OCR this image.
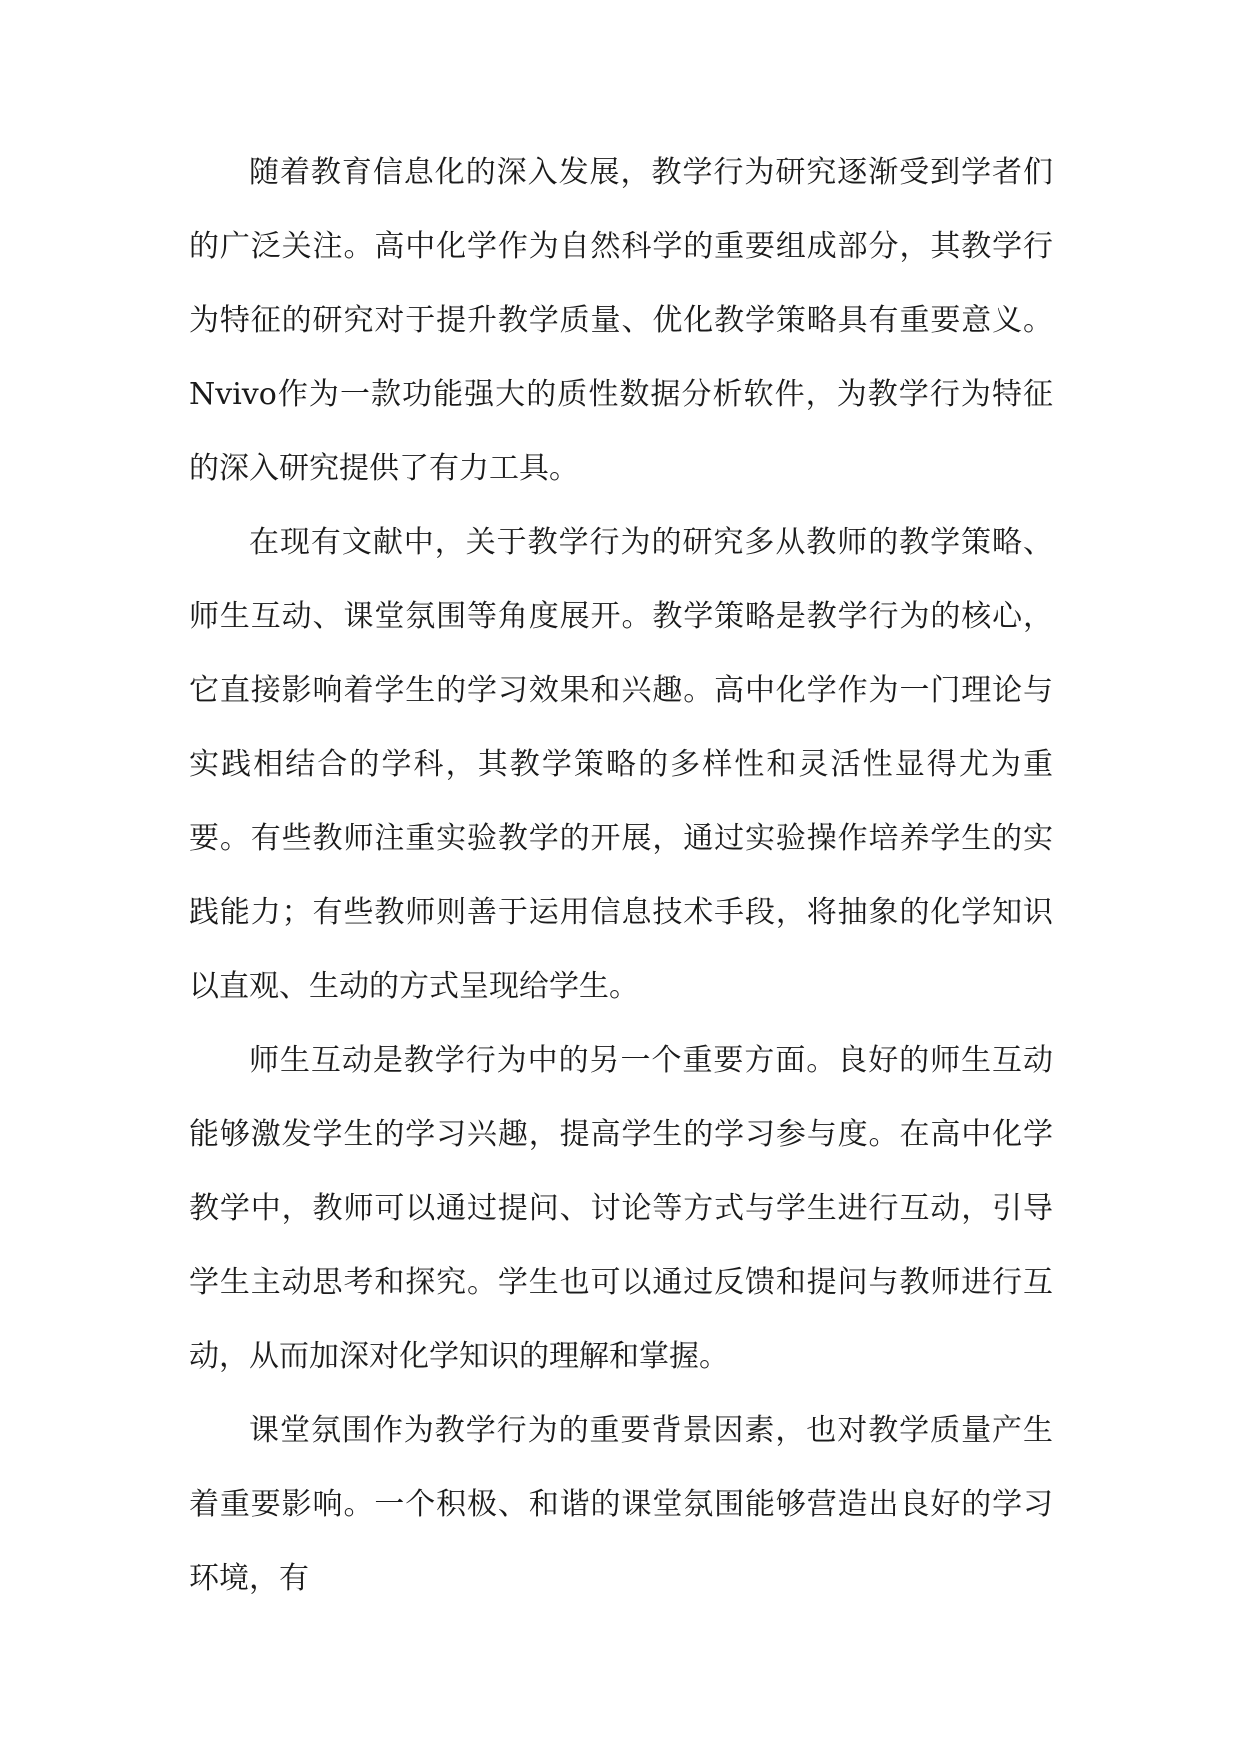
随着教育信息化的深入发展，教学行为研究逐渐受到学者们的广泛关注。高中化学作为自然科学的重要组成部分，其教学行为特征的研究对于提升教学质量、优化教学策略具有重要意义。Nvivo作为一款功能强大的质性数据分析软件，为教学行为特征的深入研究提供了有力工具。

在现有文献中，关于教学行为的研究多从教师的教学策略、师生互动、课堂氛围等角度展开。教学策略是教学行为的核心，它直接影响着学生的学习效果和兴趣。高中化学作为一门理论与实践相结合的学科，其教学策略的多样性和灵活性显得尤为重要。有些教师注重实验教学的开展，通过实验操作培养学生的实践能力；有些教师则善于运用信息技术手段，将抽象的化学知识以直观、生动的方式呈现给学生。

师生互动是教学行为中的另一个重要方面。良好的师生互动能够激发学生的学习兴趣，提高学生的学习参与度。在高中化学教学中，教师可以通过提问、讨论等方式与学生进行互动，引导学生主动思考和探究。学生也可以通过反馈和提问与教师进行互动，从而加深对化学知识的理解和掌握。

课堂氛围作为教学行为的重要背景因素，也对教学质量产生着重要影响。一个积极、和谐的课堂氛围能够营造出良好的学习环境，有
